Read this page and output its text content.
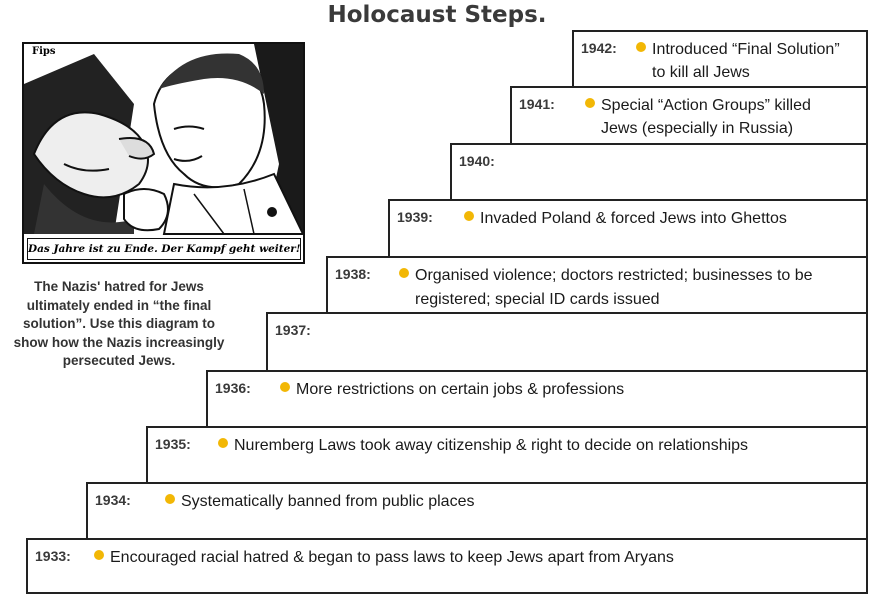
Holocaust Steps.
Fips
Das Jahre ist zu Ende. Der Kampf geht weiter!
The Nazis' hatred for Jews ultimately ended in “the final solution”. Use this diagram to show how the Nazis increasingly persecuted Jews.
1933: Encouraged racial hatred & began to pass laws to keep Jews apart from Aryans
1934:	Systematically banned from public places
1935:	Nuremberg Laws took away citizenship & right to decide on relationships
1936:	More restrictions on certain jobs & professions
1937:
1938:	Organised violence; doctors restricted; businesses to be
registered; special ID cards issued
1939:	Invaded Poland & forced Jews into Ghettos
1940:
1941:	Special “Action Groups” killed
Jews (especially in Russia)
1942: Introduced “Final Solution”
to kill all Jews
